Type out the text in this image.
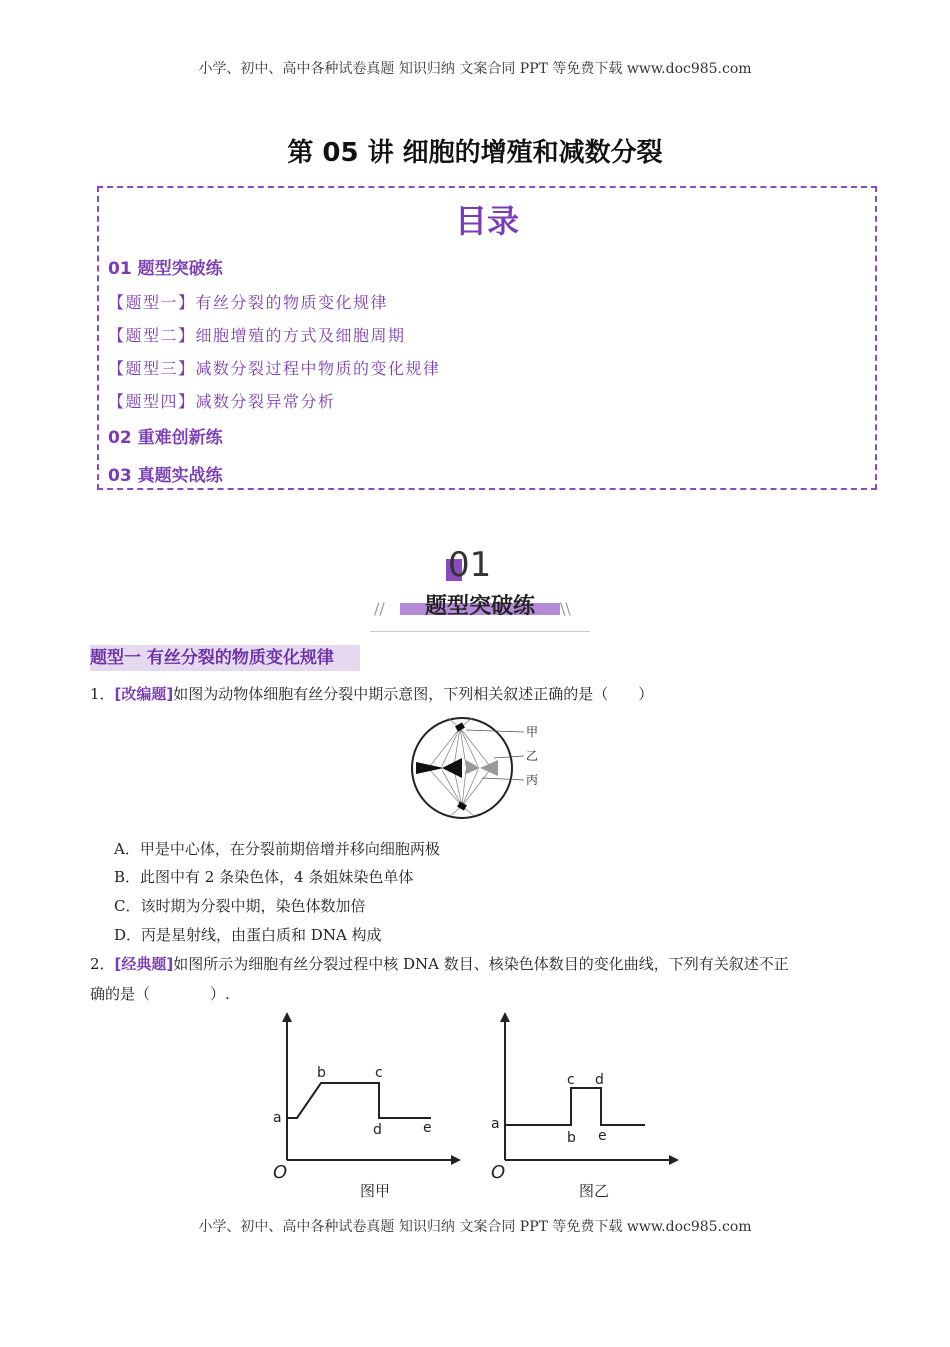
小学、初中、高中各种试卷真题 知识归纳 文案合同 PPT 等免费下载 www.doc985.com
第 05 讲 细胞的增殖和减数分裂
目录
01 题型突破练
【题型一】有丝分裂的物质变化规律
【题型二】细胞增殖的方式及细胞周期
【题型三】减数分裂过程中物质的变化规律
【题型四】减数分裂异常分析
02 重难创新练
03 真题实战练
01
题型突破练
//	\\
题型一 有丝分裂的物质变化规律
1．[改编题]如图为动物体细胞有丝分裂中期示意图，下列相关叙述正确的是（　　）
甲
乙
丙
A．甲是中心体，在分裂前期倍增并移向细胞两极
B．此图中有 2 条染色体，4 条姐妹染色单体
C．该时期为分裂中期，染色体数加倍
D．丙是星射线，由蛋白质和 DNA 构成
2．[经典题]如图所示为细胞有丝分裂过程中核 DNA 数目、核染色体数目的变化曲线，下列有关叙述不正
确的是（　　　　）.
O
a
b	c
d	e
图甲
O
a
b
c d
e
图乙
小学、初中、高中各种试卷真题 知识归纳 文案合同 PPT 等免费下载 www.doc985.com
